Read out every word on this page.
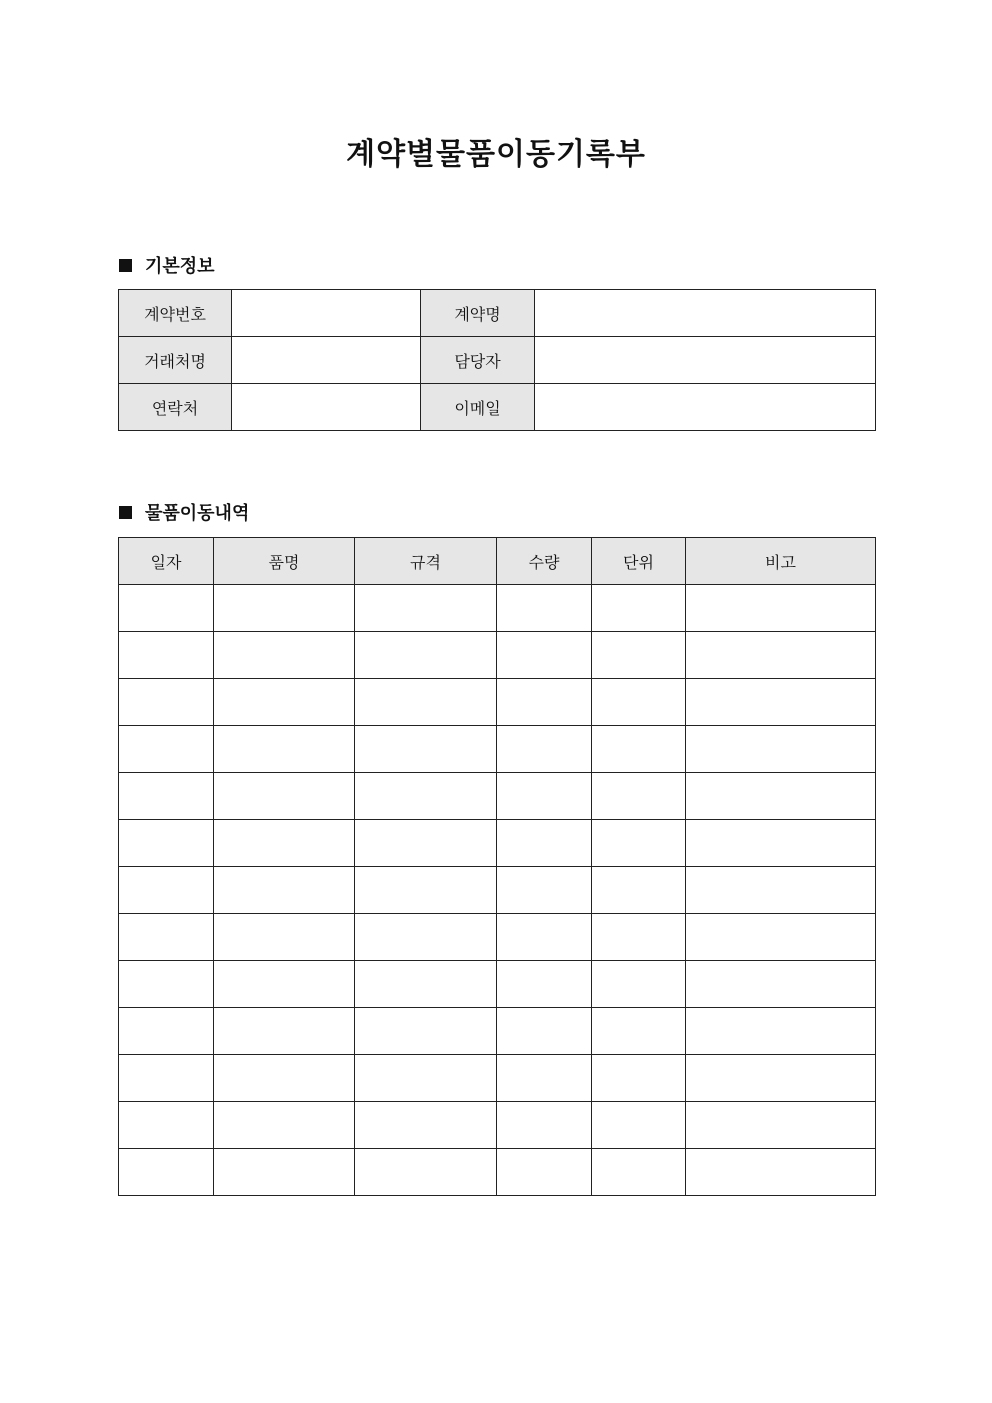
계약별물품이동기록부
기본정보
계약번호		계약명	
거래처명		담당자	
연락처		이메일	
물품이동내역
일자	품명	규격	수량	단위	비고
